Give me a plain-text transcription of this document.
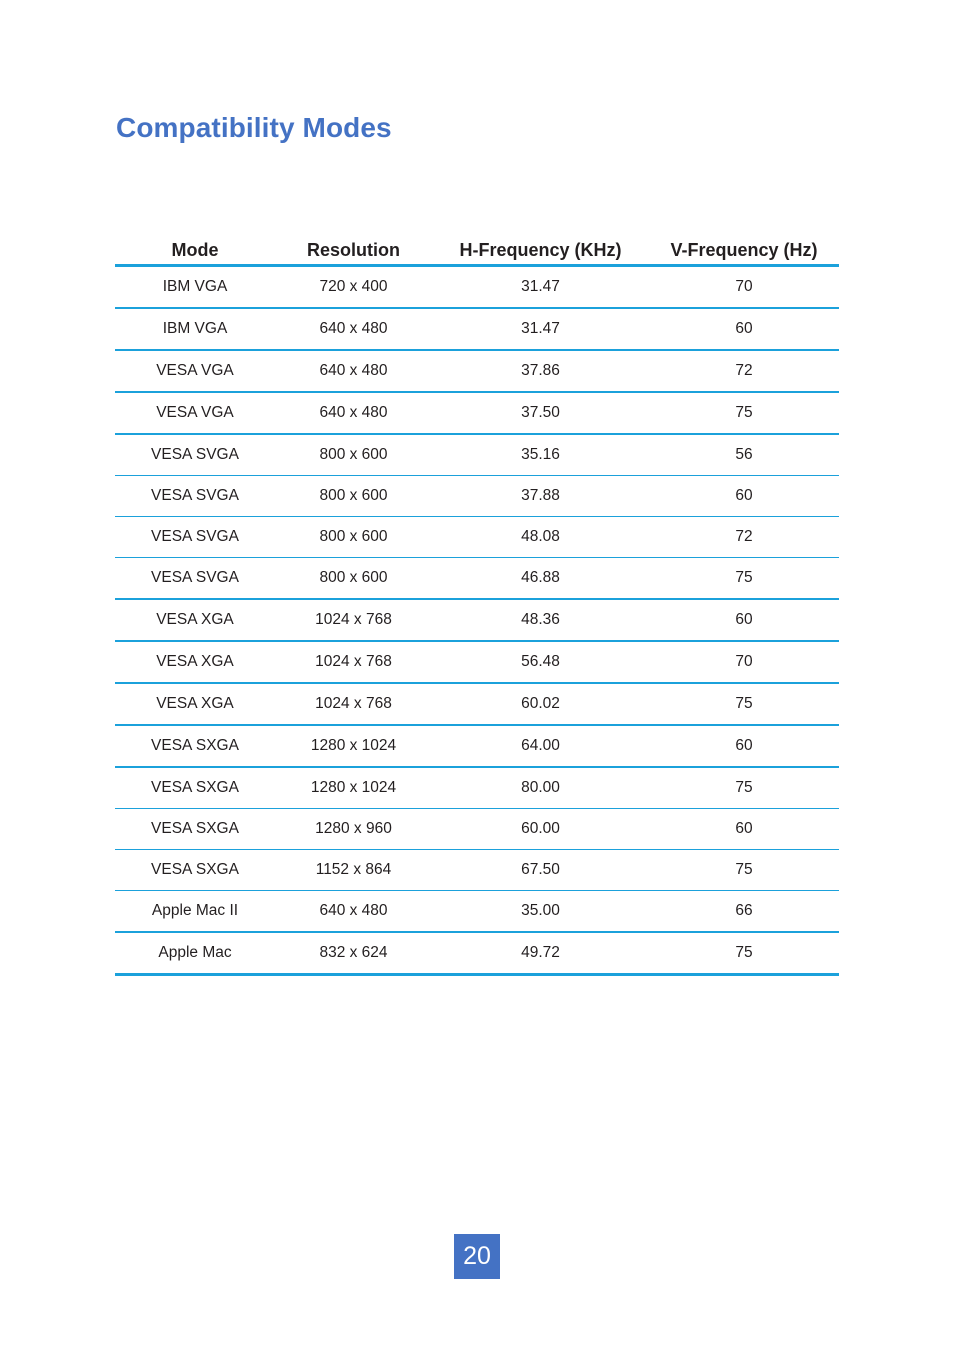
Compatibility Modes
Mode	Resolution	H-Frequency (KHz)	V-Frequency (Hz)
IBM VGA	720 x 400	31.47	70
IBM VGA	640 x 480	31.47	60
VESA VGA	640 x 480	37.86	72
VESA VGA	640 x 480	37.50	75
VESA SVGA	800 x 600	35.16	56
VESA SVGA	800 x 600	37.88	60
VESA SVGA	800 x 600	48.08	72
VESA SVGA	800 x 600	46.88	75
VESA XGA	1024 x 768	48.36	60
VESA XGA	1024 x 768	56.48	70
VESA XGA	1024 x 768	60.02	75
VESA SXGA	1280 x 1024	64.00	60
VESA SXGA	1280 x 1024	80.00	75
VESA SXGA	1280 x 960	60.00	60
VESA SXGA	1152 x 864	67.50	75
Apple Mac II	640 x 480	35.00	66
Apple Mac	832 x 624	49.72	75
20
